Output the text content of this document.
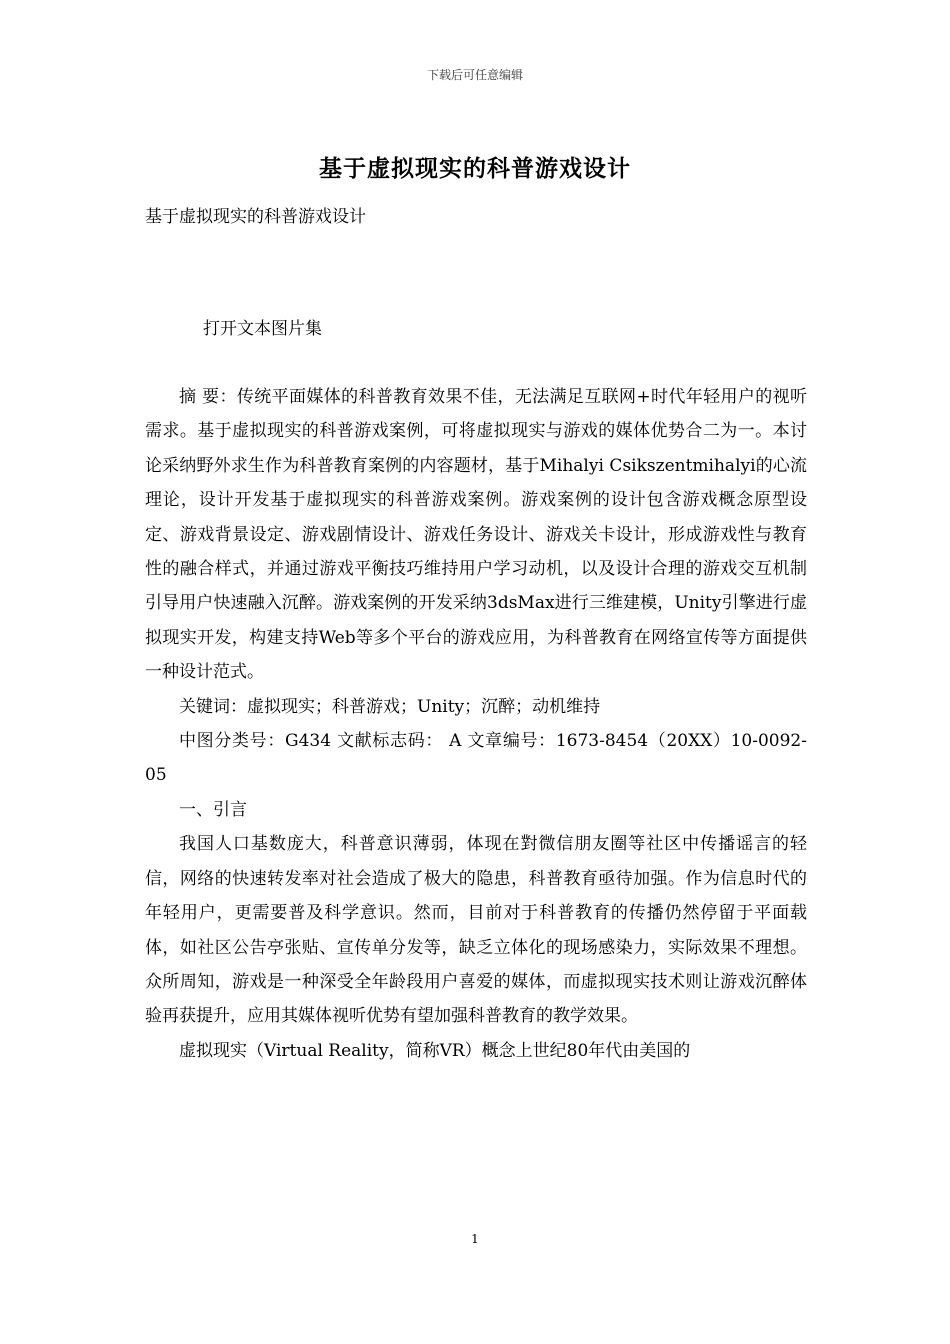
下载后可任意编辑
基于虚拟现实的科普游戏设计
基于虚拟现实的科普游戏设计
打开文本图片集

摘 要：传统平面媒体的科普教育效果不佳，无法满足互联网+时代年轻用户的视听需求。基于虚拟现实的科普游戏案例，可将虚拟现实与游戏的媒体优势合二为一。本讨论采纳野外求生作为科普教育案例的内容题材，基于Mihalyi Csikszentmihalyi的心流理论，设计开发基于虚拟现实的科普游戏案例。游戏案例的设计包含游戏概念原型设定、游戏背景设定、游戏剧情设计、游戏任务设计、游戏关卡设计，形成游戏性与教育性的融合样式，并通过游戏平衡技巧维持用户学习动机，以及设计合理的游戏交互机制引导用户快速融入沉醉。游戏案例的开发采纳3dsMax进行三维建模，Unity引擎进行虚拟现实开发，构建支持Web等多个平台的游戏应用，为科普教育在网络宣传等方面提供一种设计范式。

关键词：虚拟现实；科普游戏；Unity；沉醉；动机维持

中图分类号：G434 文献标志码： A 文章编号：1673-8454（20XX）10-0092-05

一、引言

我国人口基数庞大，科普意识薄弱，体现在對微信朋友圈等社区中传播谣言的轻信，网络的快速转发率对社会造成了极大的隐患，科普教育亟待加强。作为信息时代的年轻用户，更需要普及科学意识。然而，目前对于科普教育的传播仍然停留于平面载体，如社区公告亭张贴、宣传单分发等，缺乏立体化的现场感染力，实际效果不理想。众所周知，游戏是一种深受全年龄段用户喜爱的媒体，而虚拟现实技术则让游戏沉醉体验再获提升，应用其媒体视听优势有望加强科普教育的教学效果。

虚拟现实（Virtual Reality，简称VR）概念上世纪80年代由美国的

1
